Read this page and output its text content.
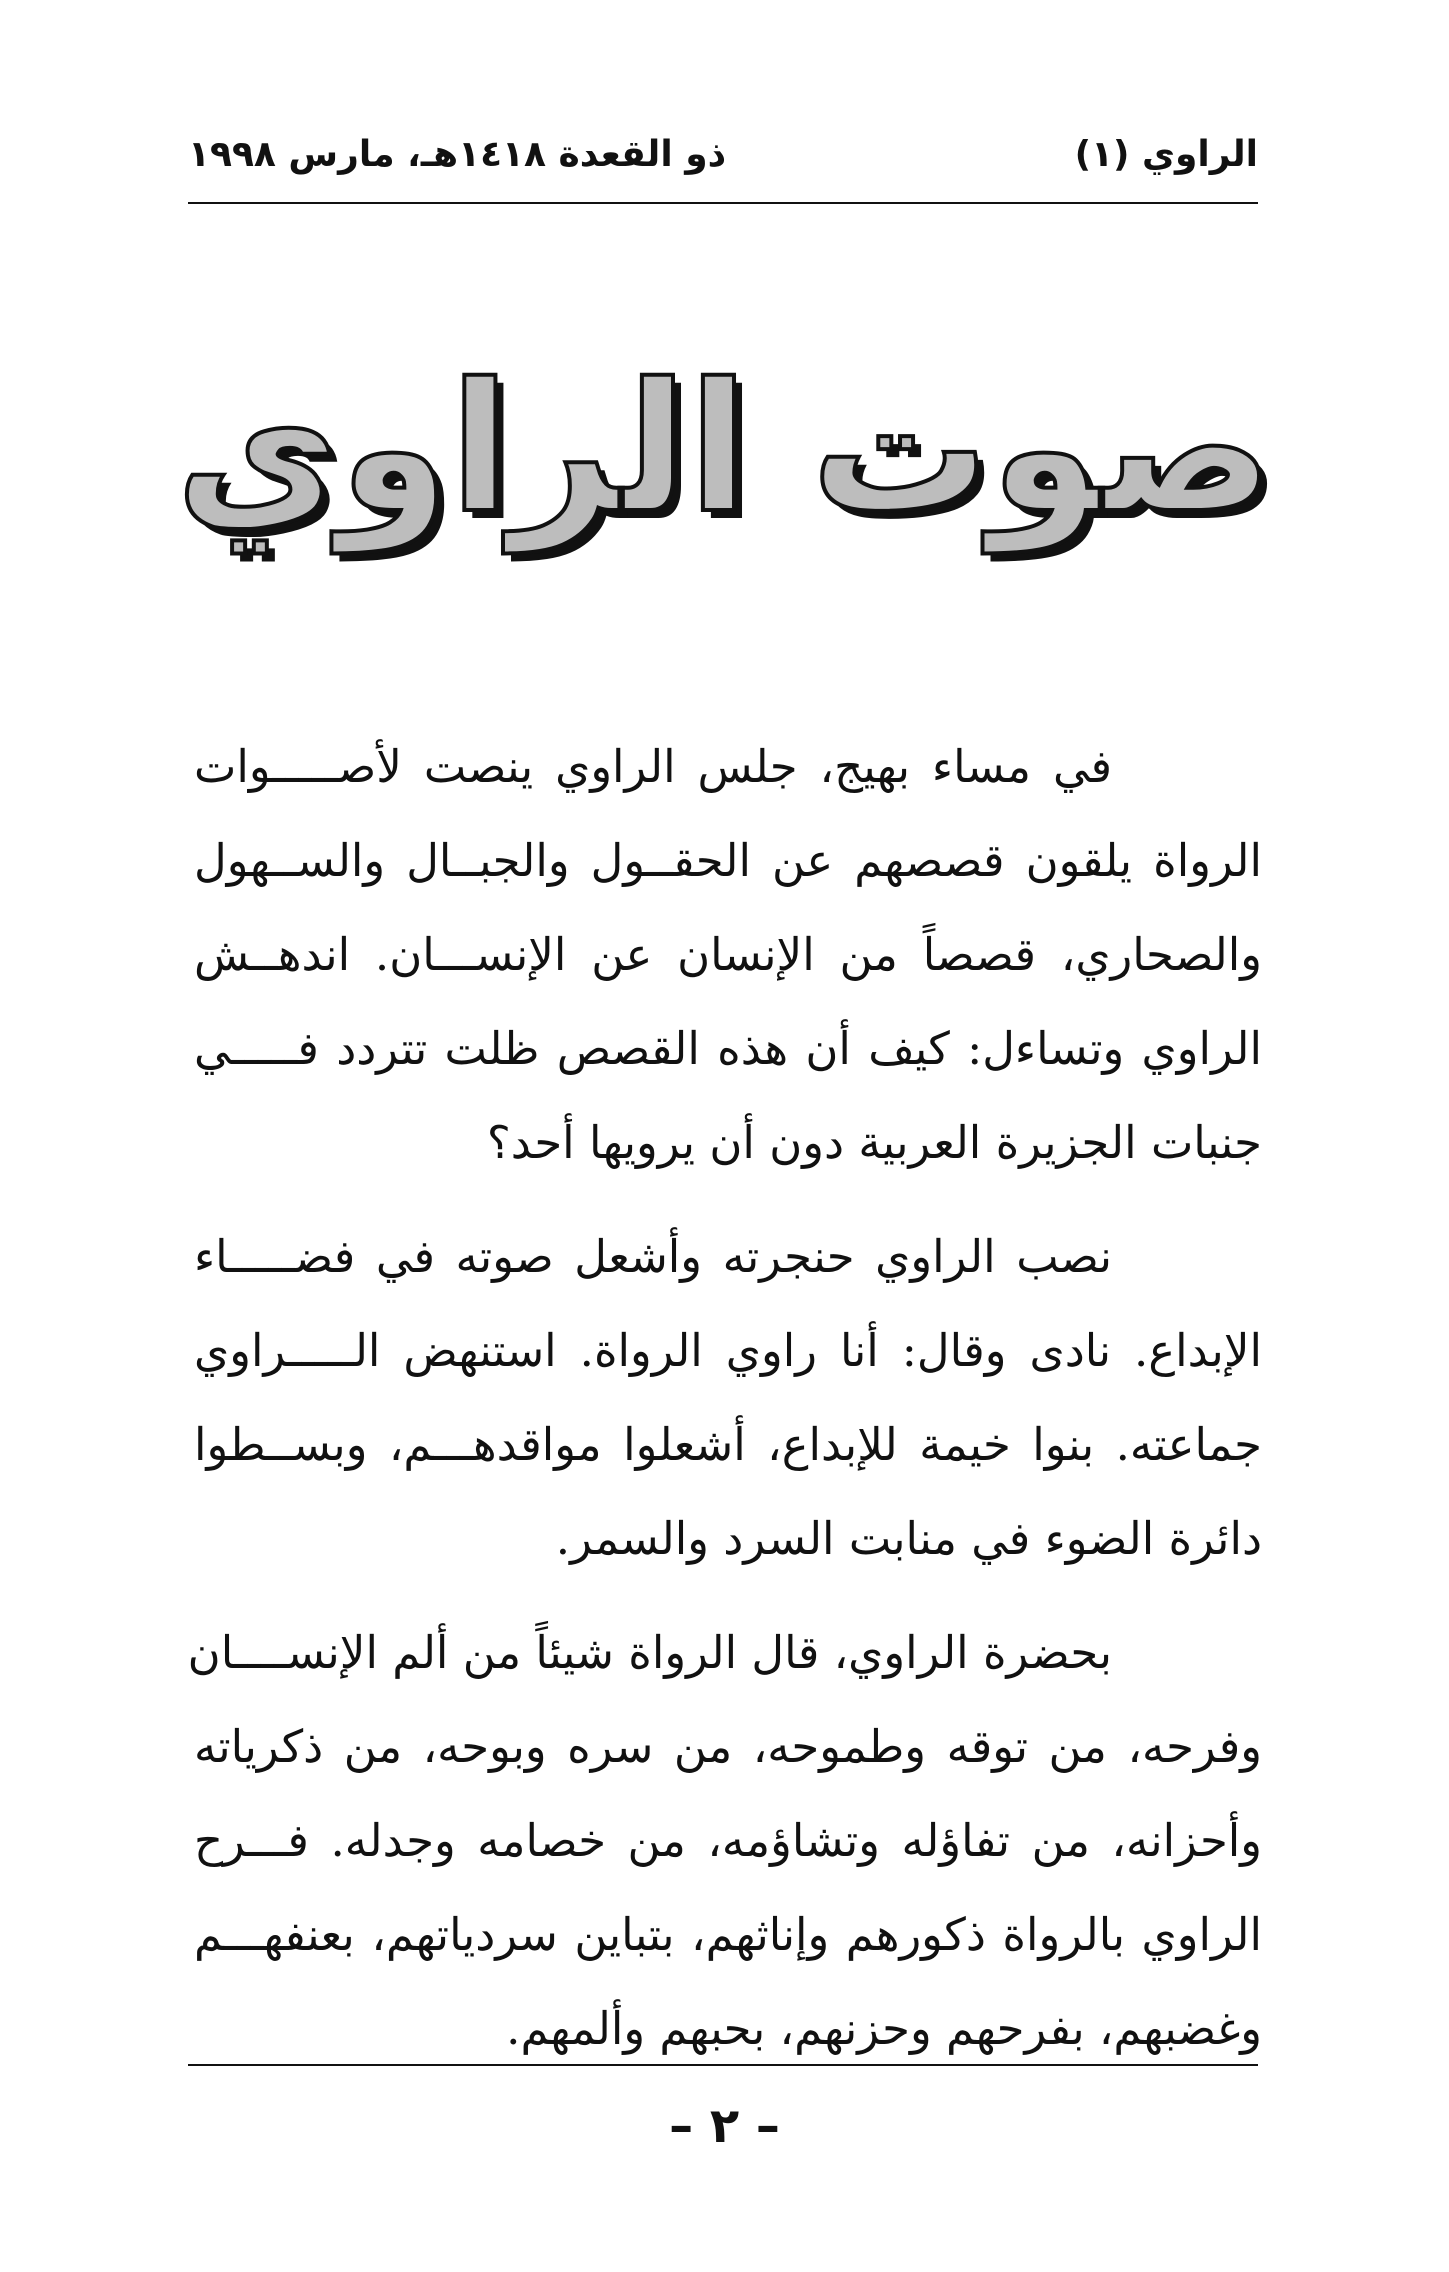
الراوي (١)
ذو القعدة ١٤١٨هـ، مارس ١٩٩٨
صوت الراوي
في مساء بهيج، جلس الراوي ينصت لأصـــــوات
الرواة يلقون قصصهم عن الحقــول والجبــال والســهول
والصحاري، قصصاً من الإنسان عن الإنســـان. اندهــش
الراوي وتساءل: كيف أن هذه القصص ظلت تتردد فـــــي
جنبات الجزيرة العربية دون أن يرويها أحد؟
نصب الراوي حنجرته وأشعل صوته في فضـــــاء
الإبداع. نادى وقال: أنا راوي الرواة. استنهض الـــــراوي
جماعته. بنوا خيمة للإبداع، أشعلوا مواقدهـــم، وبســطوا
دائرة الضوء في منابت السرد والسمر.
بحضرة الراوي، قال الرواة شيئاً من ألم الإنســــان
وفرحه، من توقه وطموحه، من سره وبوحه، من ذكرياته
وأحزانه، من تفاؤله وتشاؤمه، من خصامه وجدله. فـــرح
الراوي بالرواة ذكورهم وإناثهم، بتباين سردياتهم، بعنفهـــم
وغضبهم، بفرحهم وحزنهم، بحبهم وألمهم.
– ٢ –
